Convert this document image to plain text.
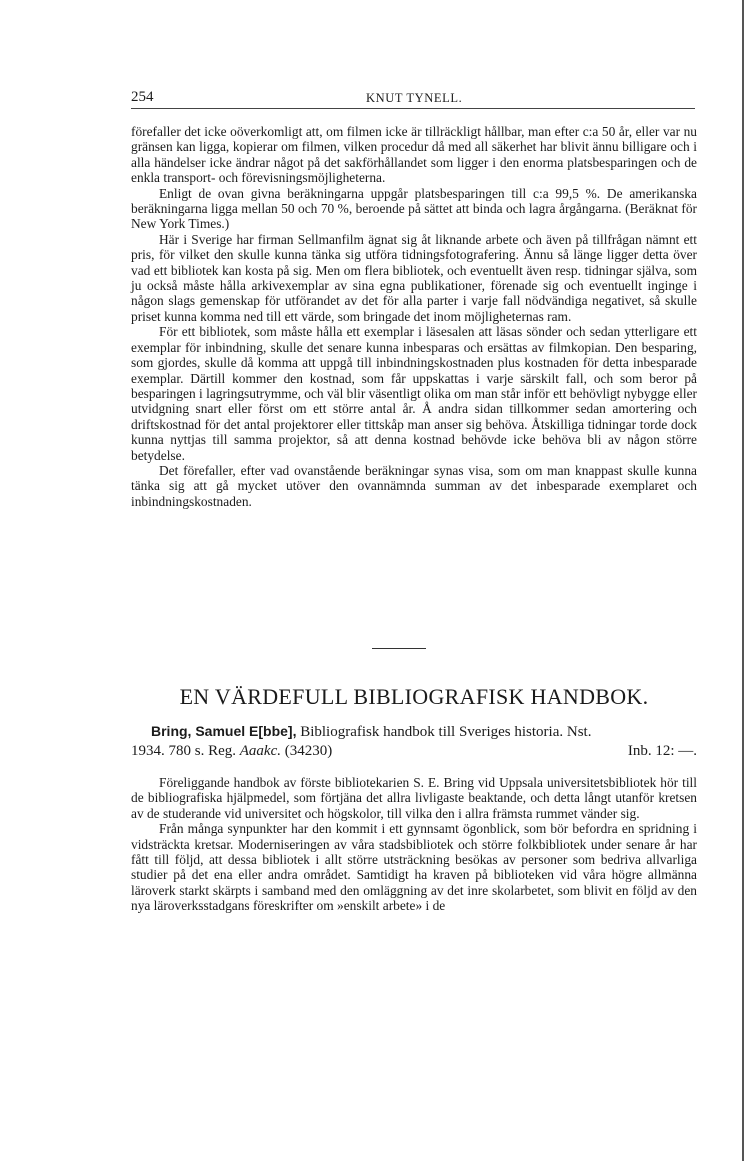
254	KNUT TYNELL.

förefaller det icke oöverkomligt att, om filmen icke är tillräckligt hållbar, man efter c:a 50 år, eller var nu gränsen kan ligga, kopierar om filmen, vilken procedur då med all säkerhet har blivit ännu billigare och i alla händelser icke ändrar något på det sakförhållandet som ligger i den enorma platsbesparingen och de enkla transport- och förevisningsmöjligheterna.

Enligt de ovan givna beräkningarna uppgår platsbesparingen till c:a 99,5 %. De amerikanska beräkningarna ligga mellan 50 och 70 %, beroende på sättet att binda och lagra årgångarna. (Beräknat för New York Times.)

Här i Sverige har firman Sellmanfilm ägnat sig åt liknande arbete och även på tillfrågan nämnt ett pris, för vilket den skulle kunna tänka sig utföra tidningsfotografering. Ännu så länge ligger detta över vad ett bibliotek kan kosta på sig. Men om flera bibliotek, och eventuellt även resp. tidningar själva, som ju också måste hålla arkivexemplar av sina egna publikationer, förenade sig och eventuellt inginge i någon slags gemenskap för utförandet av det för alla parter i varje fall nödvändiga negativet, så skulle priset kunna komma ned till ett värde, som bringade det inom möjligheternas ram.

För ett bibliotek, som måste hålla ett exemplar i läsesalen att läsas sönder och sedan ytterligare ett exemplar för inbindning, skulle det senare kunna inbesparas och ersättas av filmkopian. Den besparing, som gjordes, skulle då komma att uppgå till inbindningskostnaden plus kostnaden för detta inbesparade exemplar. Därtill kommer den kostnad, som får uppskattas i varje särskilt fall, och som beror på besparingen i lagringsutrymme, och väl blir väsentligt olika om man står inför ett behövligt nybygge eller utvidgning snart eller först om ett större antal år. Å andra sidan tillkommer sedan amortering och driftskostnad för det antal projektorer eller tittskåp man anser sig behöva. Åtskilliga tidningar torde dock kunna nyttjas till samma projektor, så att denna kostnad behövde icke behöva bli av någon större betydelse.

Det förefaller, efter vad ovanstående beräkningar synas visa, som om man knappast skulle kunna tänka sig att gå mycket utöver den ovannämnda summan av det inbesparade exemplaret och inbindningskostnaden.

EN VÄRDEFULL BIBLIOGRAFISK HANDBOK.
Bring, Samuel E[bbe], Bibliografisk handbok till Sveriges historia. Nst.
1934. 780 s. Reg. Aaakc. (34230)	Inb. 12: —.

Föreliggande handbok av förste bibliotekarien S. E. Bring vid Uppsala universitetsbibliotek hör till de bibliografiska hjälpmedel, som förtjäna det allra livligaste beaktande, och detta långt utanför kretsen av de studerande vid universitet och högskolor, till vilka den i allra främsta rummet vänder sig.

Från många synpunkter har den kommit i ett gynnsamt ögonblick, som bör befordra en spridning i vidsträckta kretsar. Moderniseringen av våra stadsbibliotek och större folkbibliotek under senare år har fått till följd, att dessa bibliotek i allt större utsträckning besökas av personer som bedriva allvarliga studier på det ena eller andra området. Samtidigt ha kraven på biblioteken vid våra högre allmänna läroverk starkt skärpts i samband med den omläggning av det inre skolarbetet, som blivit en följd av den nya läroverksstadgans föreskrifter om »enskilt arbete» i de
